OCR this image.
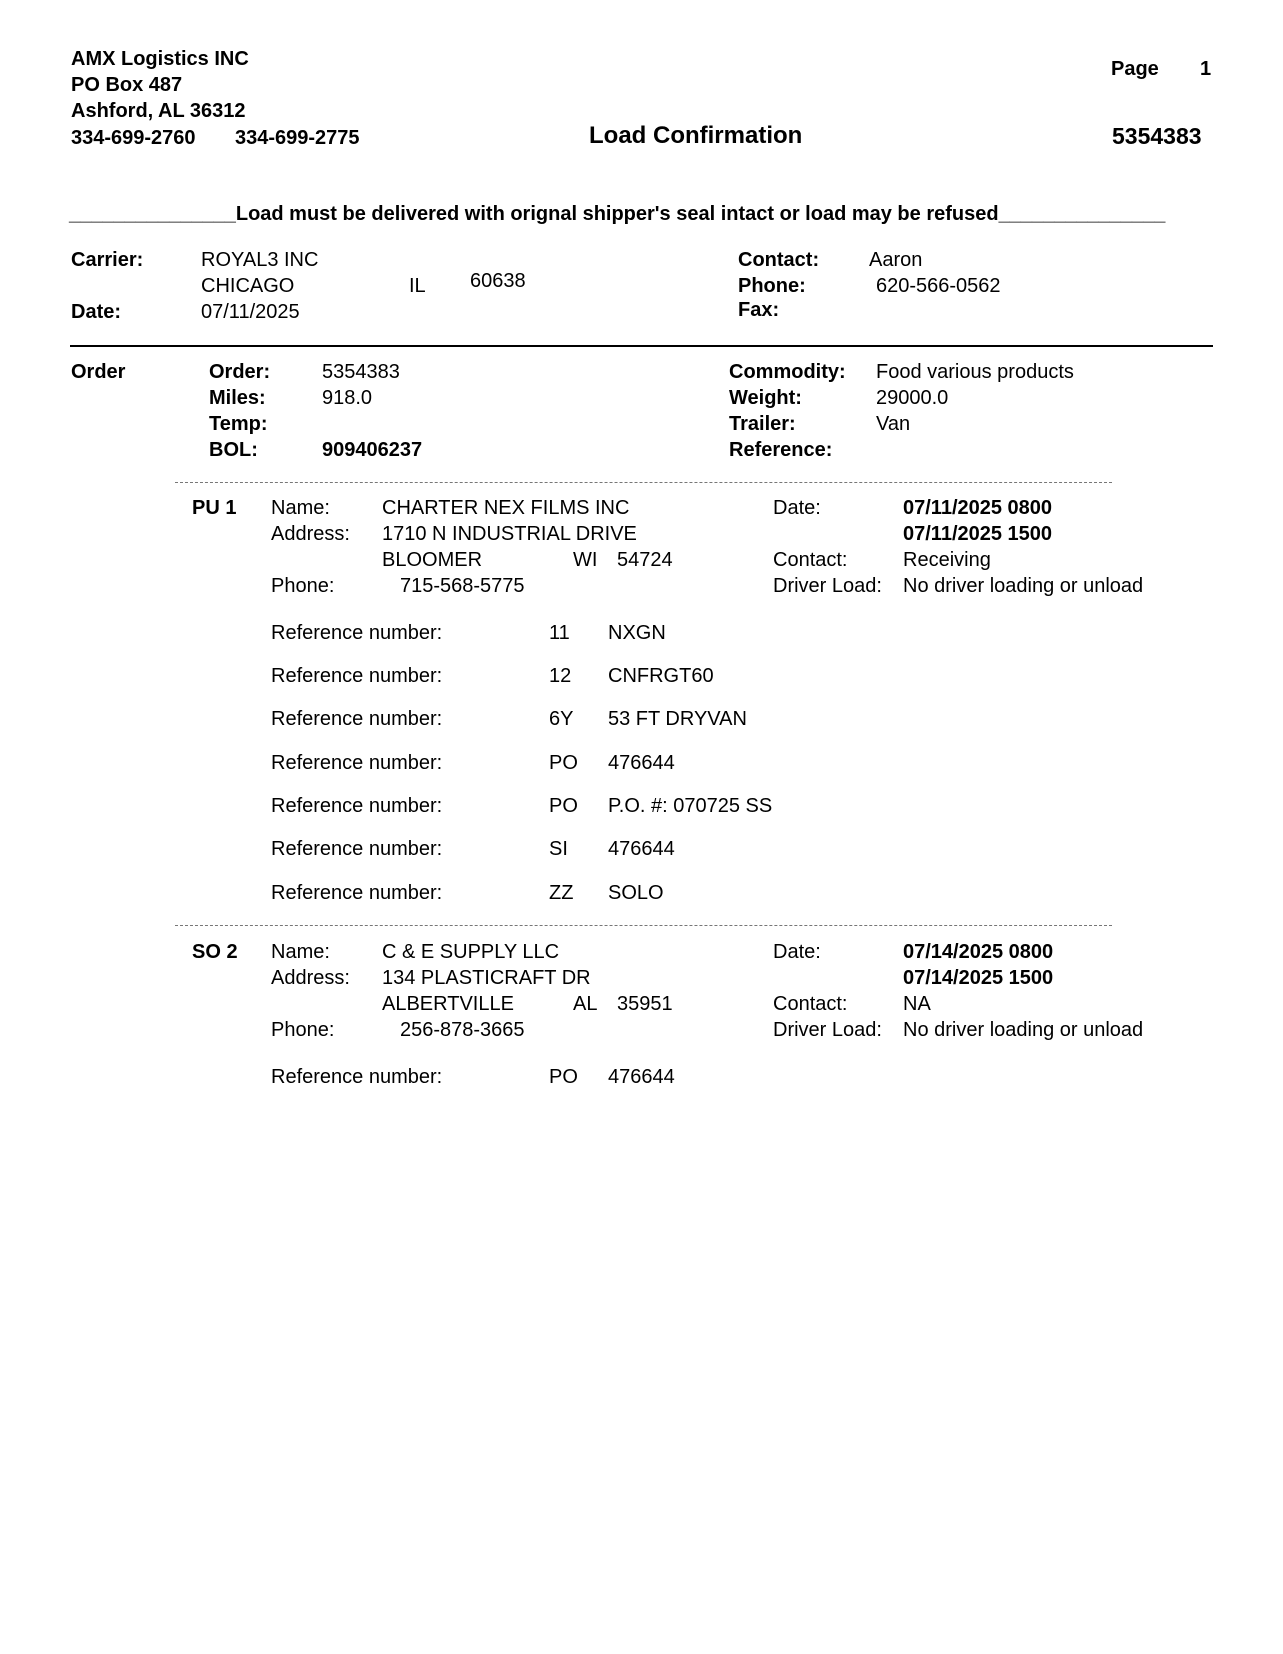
AMX Logistics INC
PO Box 487
Ashford, AL 36312
334-699-2760 334-699-2775
Page 1
Load Confirmation	5354383
_______________Load must be delivered with orignal shipper's seal intact or load may be refused_______________
Carrier:	ROYAL3 INC
CHICAGO	IL 60638
Date:	07/11/2025
Contact: Aaron
Phone:	620-566-0562
Fax:
Order	Order:	5354383
Miles:	918.0
Temp:
BOL:	909406237
Commodity: Food various products
Weight:	29000.0
Trailer:	Van
Reference:
PU 1 Name:	CHARTER NEX FILMS INC
Address: 1710 N INDUSTRIAL DRIVE
BLOOMER	WI 54724
Phone:	715-568-5775
Date:	07/11/2025 0800
07/11/2025 1500
Contact:	Receiving
Driver Load: No driver loading or unload
Reference number:	11 NXGN
Reference number:	12 CNFRGT60
Reference number:	6Y 53 FT DRYVAN
Reference number:	PO 476644
Reference number:	PO P.O. #: 070725 SS
Reference number:	SI 476644
Reference number:	ZZ SOLO
SO 2 Name:	C & E SUPPLY LLC
Address: 134 PLASTICRAFT DR
ALBERTVILLE	AL 35951
Phone:	256-878-3665
Date:	07/14/2025 0800
07/14/2025 1500
Contact:	NA
Driver Load: No driver loading or unload
Reference number:	PO 476644
